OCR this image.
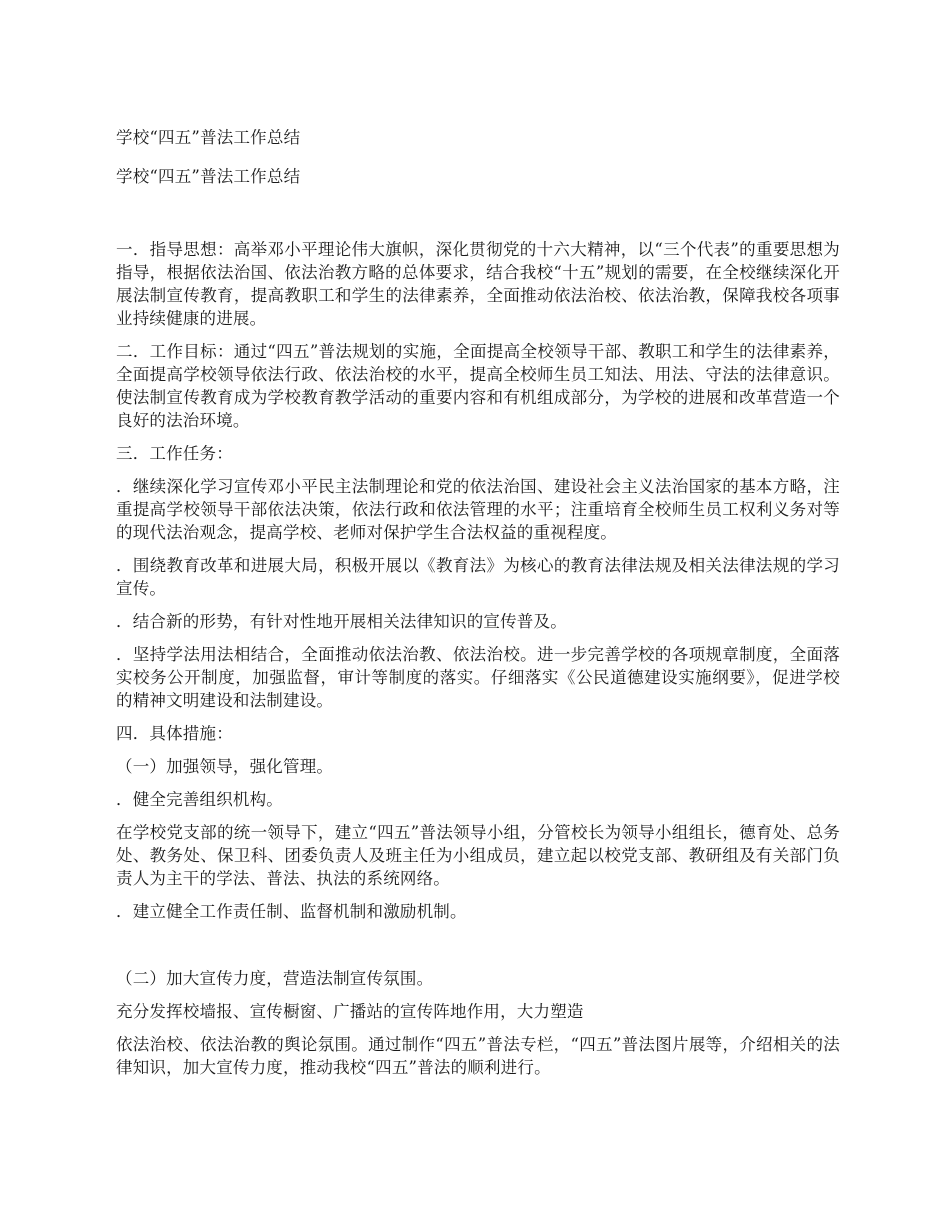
学校“四五”普法工作总结

学校“四五”普法工作总结

一．指导思想：高举邓小平理论伟大旗帜，深化贯彻党的十六大精神，以“三个代表”的重要思想为指导，根据依法治国、依法治教方略的总体要求，结合我校“十五”规划的需要，在全校继续深化开展法制宣传教育，提高教职工和学生的法律素养，全面推动依法治校、依法治教，保障我校各项事业持续健康的进展。

二．工作目标：通过“四五”普法规划的实施，全面提高全校领导干部、教职工和学生的法律素养，全面提高学校领导依法行政、依法治校的水平，提高全校师生员工知法、用法、守法的法律意识。使法制宣传教育成为学校教育教学活动的重要内容和有机组成部分，为学校的进展和改革营造一个良好的法治环境。

三．工作任务：

．继续深化学习宣传邓小平民主法制理论和党的依法治国、建设社会主义法治国家的基本方略，注重提高学校领导干部依法决策，依法行政和依法管理的水平；注重培育全校师生员工权利义务对等的现代法治观念，提高学校、老师对保护学生合法权益的重视程度。

．围绕教育改革和进展大局，积极开展以《教育法》为核心的教育法律法规及相关法律法规的学习宣传。

．结合新的形势，有针对性地开展相关法律知识的宣传普及。

．坚持学法用法相结合，全面推动依法治教、依法治校。进一步完善学校的各项规章制度，全面落实校务公开制度，加强监督，审计等制度的落实。仔细落实《公民道德建设实施纲要》，促进学校的精神文明建设和法制建设。

四．具体措施：

（一）加强领导，强化管理。

．健全完善组织机构。

在学校党支部的统一领导下，建立“四五”普法领导小组，分管校长为领导小组组长，德育处、总务处、教务处、保卫科、团委负责人及班主任为小组成员，建立起以校党支部、教研组及有关部门负责人为主干的学法、普法、执法的系统网络。

．建立健全工作责任制、监督机制和激励机制。

（二）加大宣传力度，营造法制宣传氛围。

充分发挥校墙报、宣传橱窗、广播站的宣传阵地作用，大力塑造

依法治校、依法治教的舆论氛围。通过制作“四五”普法专栏，“四五”普法图片展等，介绍相关的法律知识，加大宣传力度，推动我校“四五”普法的顺利进行。
